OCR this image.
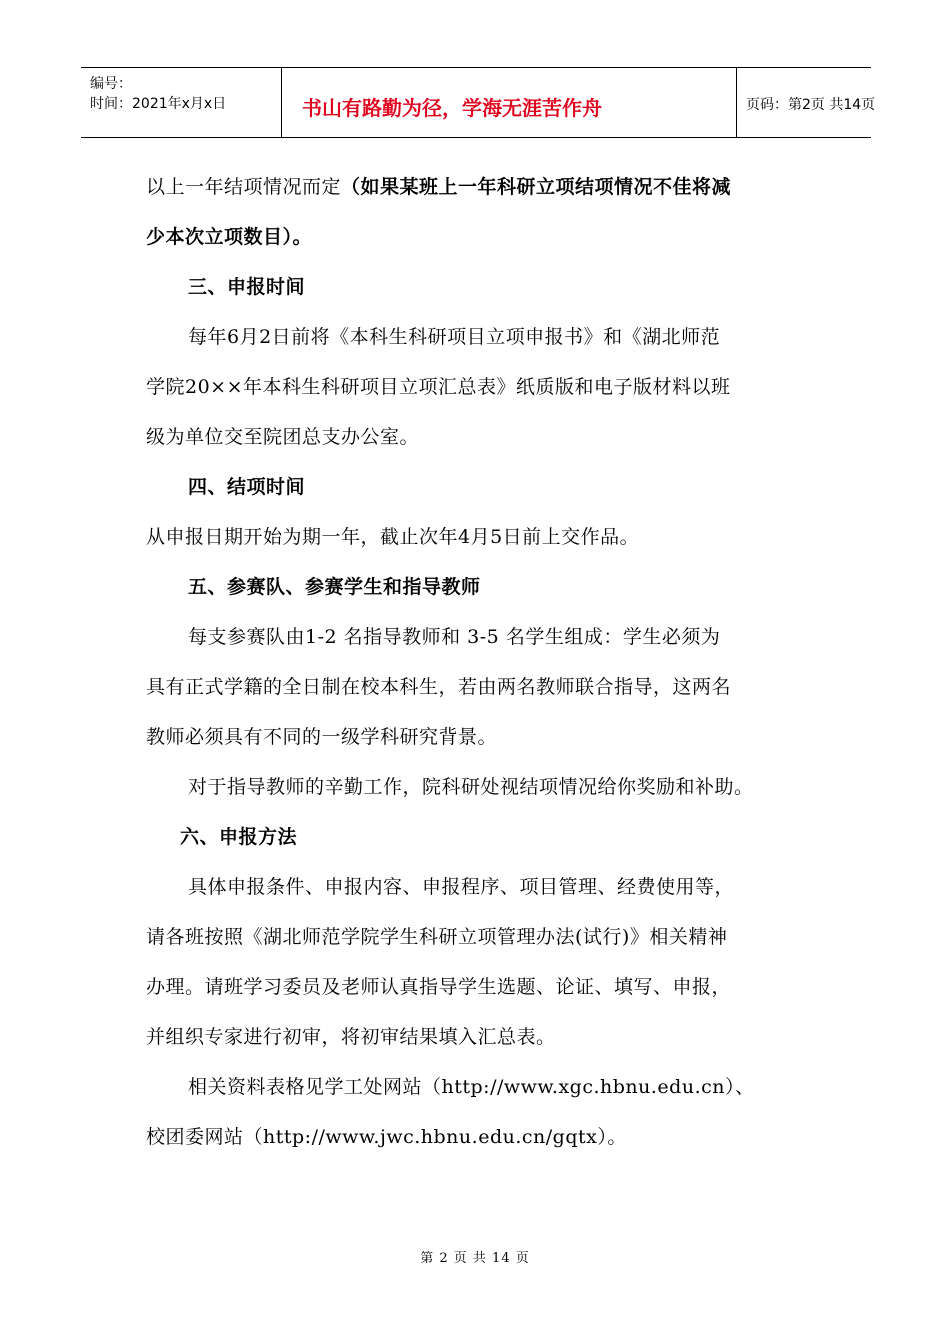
编号：
时间：2021年x月x日	书山有路勤为径，学海无涯苦作舟	页码：第2页 共14页
以上一年结项情况而定（如果某班上一年科研立项结项情况不佳将减
少本次立项数目）。
三、申报时间
每年6月2日前将《本科生科研项目立项申报书》和《湖北师范
学院20××年本科生科研项目立项汇总表》纸质版和电子版材料以班
级为单位交至院团总支办公室。
四、结项时间
从申报日期开始为期一年，截止次年4月5日前上交作品。
五、参赛队、参赛学生和指导教师
每支参赛队由1-2 名指导教师和 3-5 名学生组成：学生必须为
具有正式学籍的全日制在校本科生，若由两名教师联合指导，这两名
教师必须具有不同的一级学科研究背景。
对于指导教师的辛勤工作，院科研处视结项情况给你奖励和补助。
六、申报方法
具体申报条件、申报内容、申报程序、项目管理、经费使用等，
请各班按照《湖北师范学院学生科研立项管理办法(试行)》相关精神
办理。请班学习委员及老师认真指导学生选题、论证、填写、申报，
并组织专家进行初审，将初审结果填入汇总表。
相关资料表格见学工处网站（http://www.xgc.hbnu.edu.cn）、
校团委网站（http://www.jwc.hbnu.edu.cn/gqtx）。
第 2 页 共 14 页
